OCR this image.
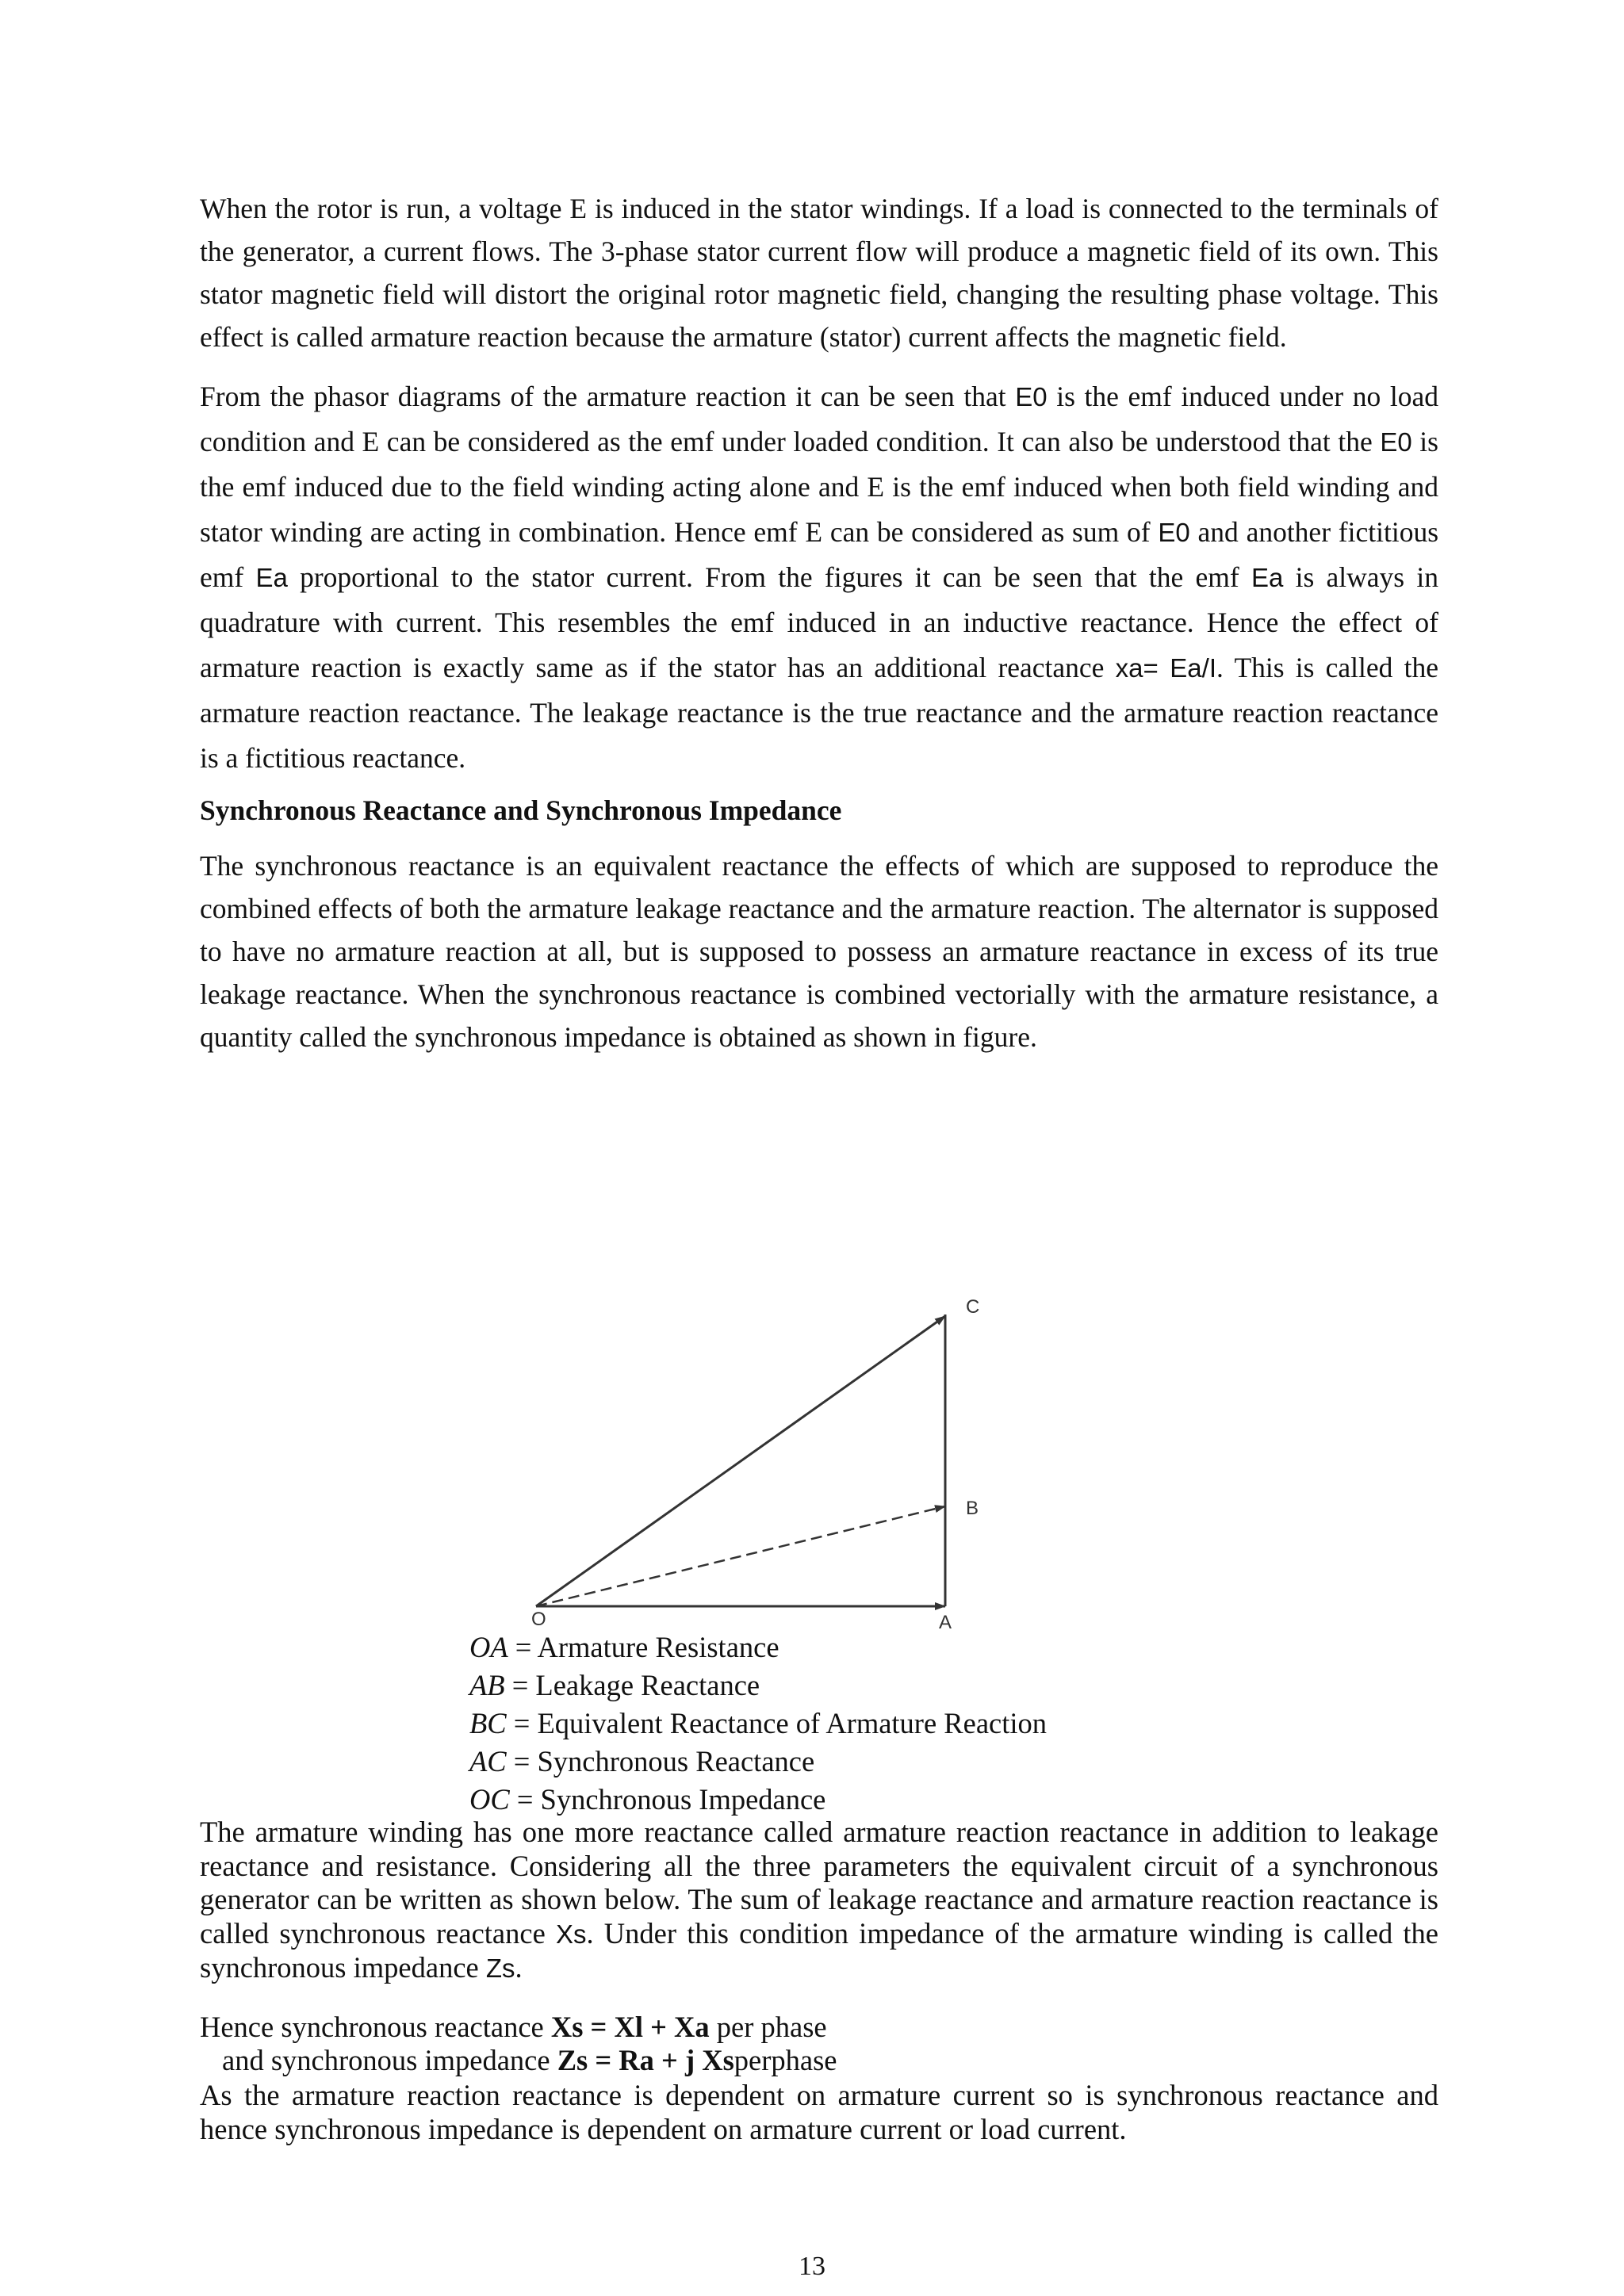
When the rotor is run, a voltage E is induced in the stator windings. If a load is connected to the terminals of the generator, a current flows. The 3-phase stator current flow will produce a magnetic field of its own. This stator magnetic field will distort the original rotor magnetic field, changing the resulting phase voltage. This effect is called armature reaction because the armature (stator) current affects the magnetic field.

From the phasor diagrams of the armature reaction it can be seen that E0 is the emf induced under no load condition and E can be considered as the emf under loaded condition. It can also be understood that the E0 is the emf induced due to the field winding acting alone and E is the emf induced when both field winding and stator winding are acting in combination. Hence emf E can be considered as sum of E0 and another fictitious emf Ea proportional to the stator current. From the figures it can be seen that the emf Ea is always in quadrature with current. This resembles the emf induced in an inductive reactance. Hence the effect of armature reaction is exactly same as if the stator has an additional reactance xa= Ea/I. This is called the armature reaction reactance. The leakage reactance is the true reactance and the armature reaction reactance is a fictitious reactance.

Synchronous Reactance and Synchronous Impedance

The synchronous reactance is an equivalent reactance the effects of which are supposed to reproduce the combined effects of both the armature leakage reactance and the armature reaction. The alternator is supposed to have no armature reaction at all, but is supposed to possess an armature reactance in excess of its true leakage reactance. When the synchronous reactance is combined vectorially with the armature resistance, a quantity called the synchronous impedance is obtained as shown in figure.

O	A
B
C
OA = Armature Resistance
AB = Leakage Reactance
BC = Equivalent Reactance of Armature Reaction
AC = Synchronous Reactance
OC = Synchronous Impedance

The armature winding has one more reactance called armature reaction reactance in addition to leakage reactance and resistance. Considering all the three parameters the equivalent circuit of a synchronous generator can be written as shown below. The sum of leakage reactance and armature reaction reactance is called synchronous reactance Xs. Under this condition impedance of the armature winding is called the synchronous impedance Zs.

Hence synchronous reactance Xs = Xl + Xa per phase
and synchronous impedance Zs = Ra + j Xsperphase

As the armature reaction reactance is dependent on armature current so is synchronous reactance and hence synchronous impedance is dependent on armature current or load current.

13
